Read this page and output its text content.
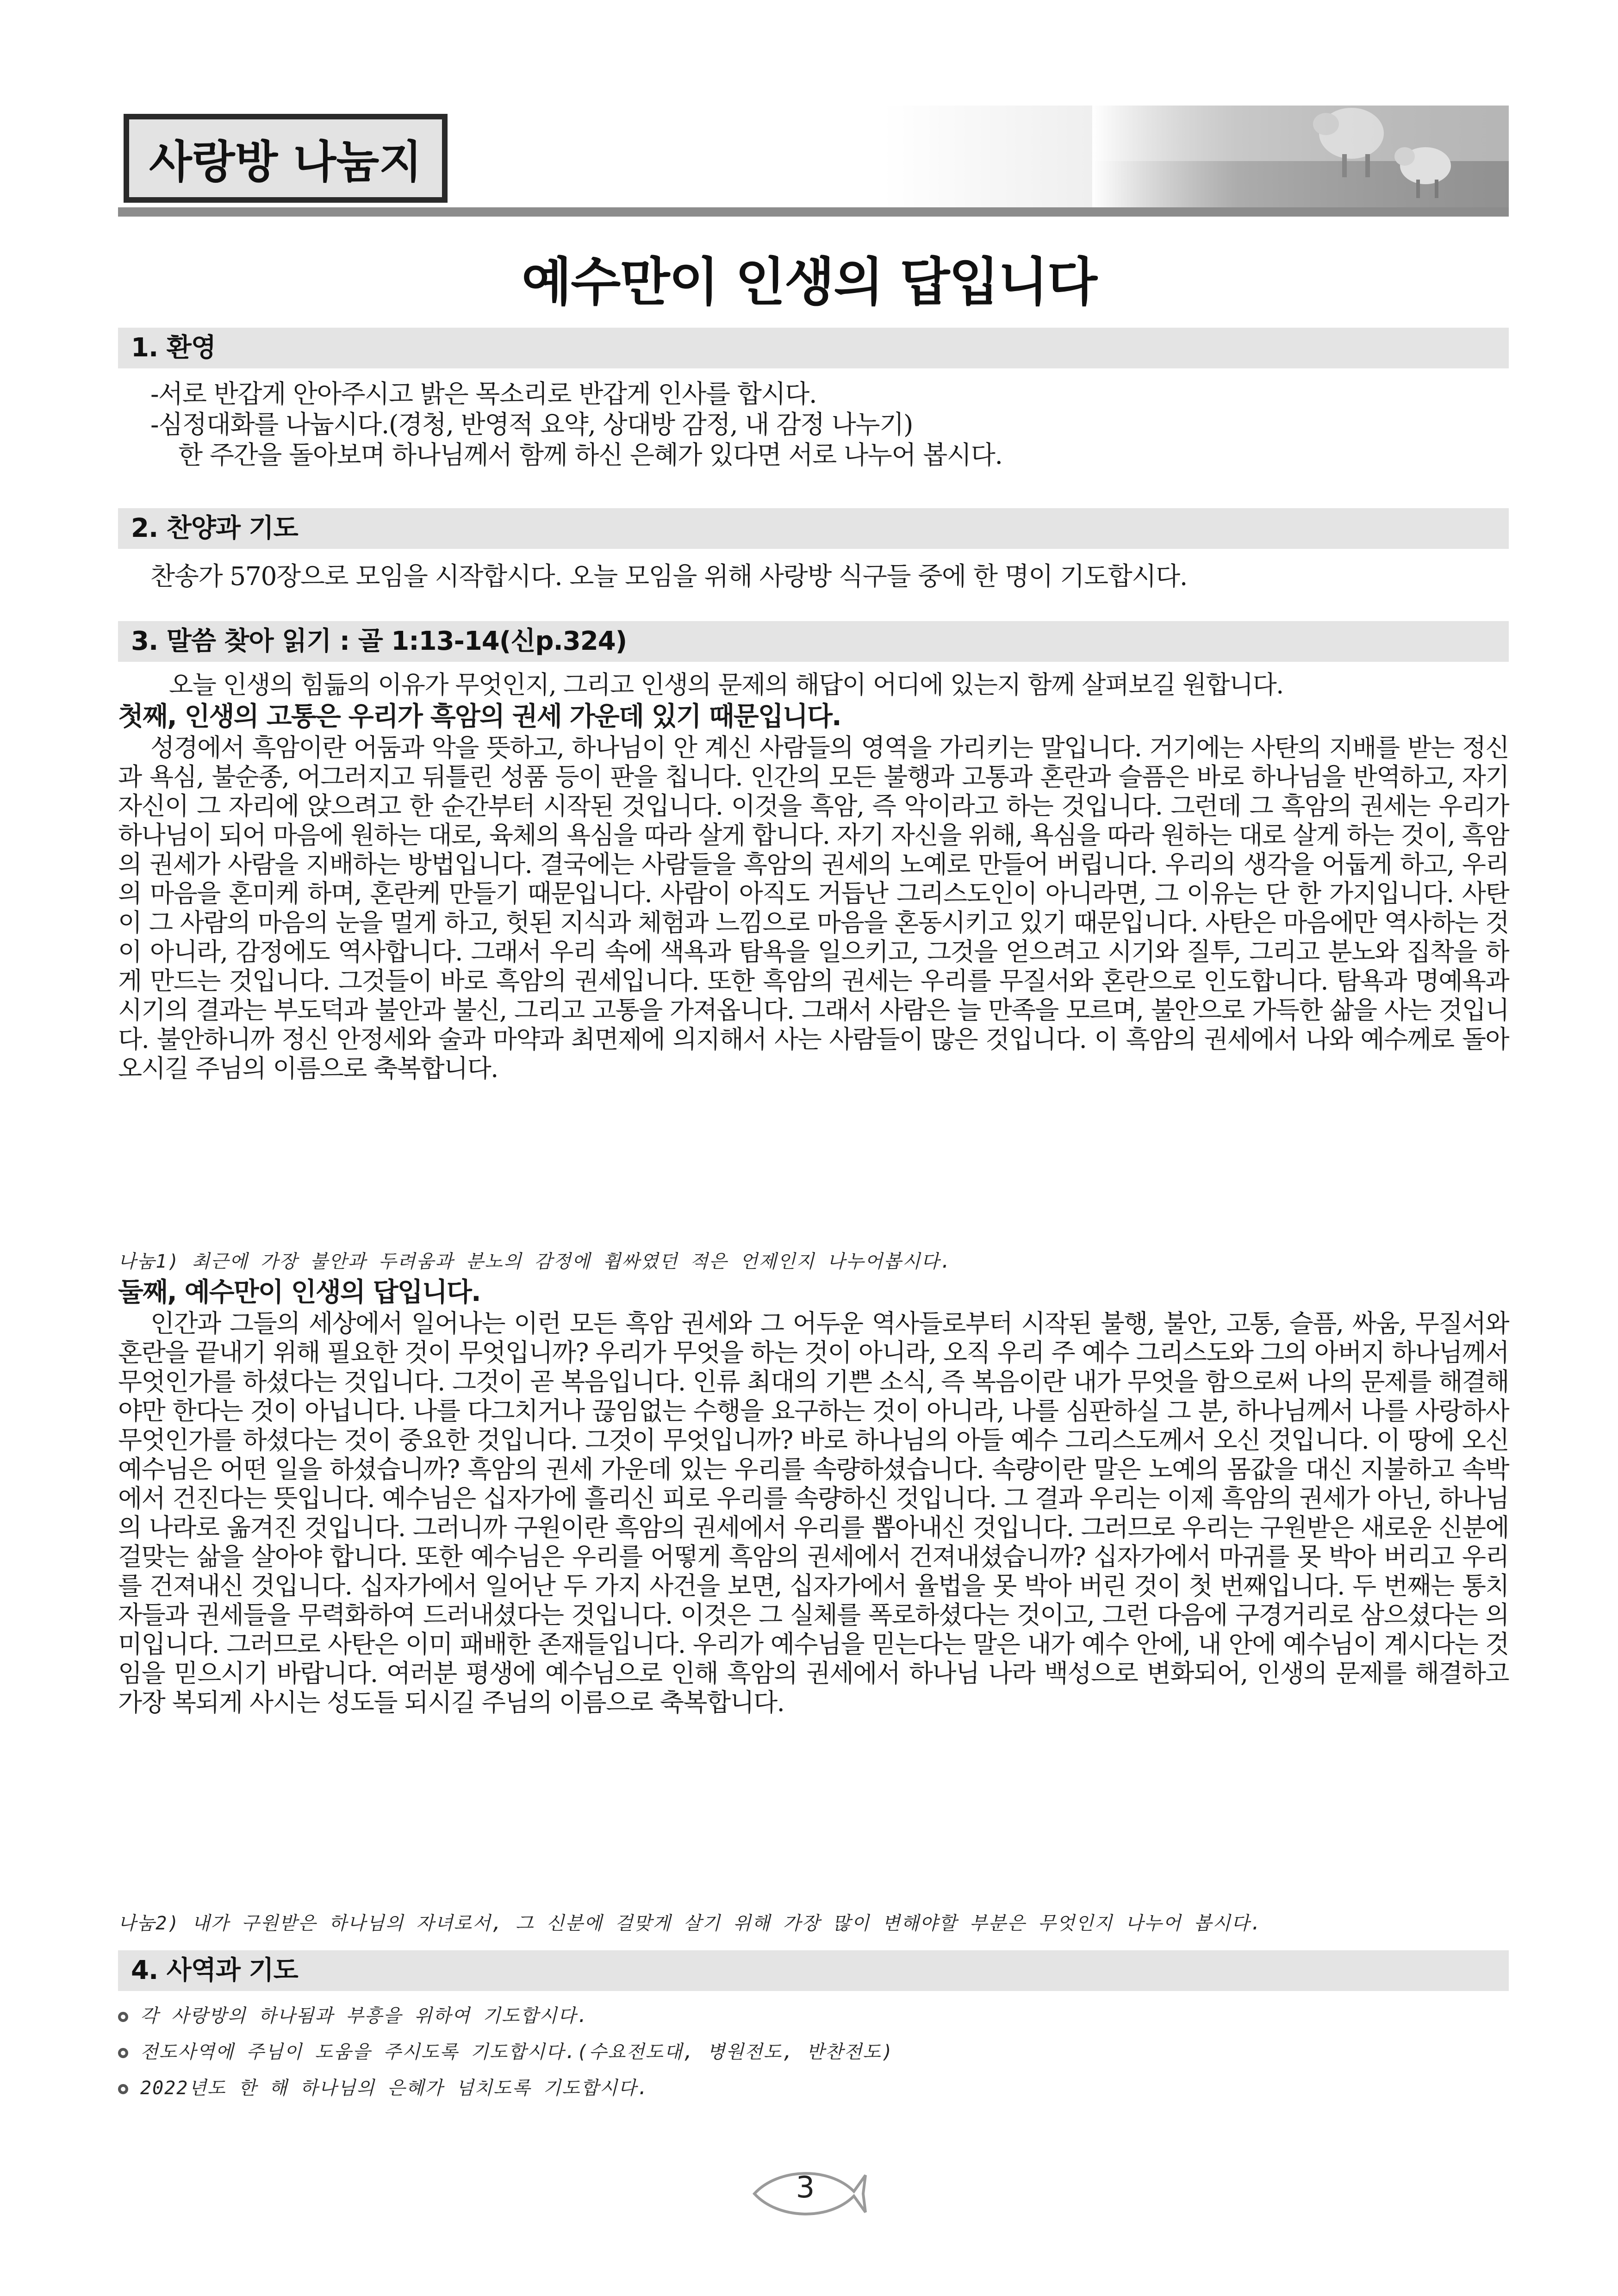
사랑방 나눔지
예수만이 인생의 답입니다
1. 환영
-서로 반갑게 안아주시고 밝은 목소리로 반갑게 인사를 합시다.
-심정대화를 나눕시다.(경청, 반영적 요약, 상대방 감정, 내 감정 나누기)
한 주간을 돌아보며 하나님께서 함께 하신 은혜가 있다면 서로 나누어 봅시다.
2. 찬양과 기도
찬송가 570장으로 모임을 시작합시다. 오늘 모임을 위해 사랑방 식구들 중에 한 명이 기도합시다.
3. 말씀 찾아 읽기 : 골 1:13-14(신p.324)

오늘 인생의 힘듦의 이유가 무엇인지, 그리고 인생의 문제의 해답이 어디에 있는지 함께 살펴보길 원합니다.

첫째, 인생의 고통은 우리가 흑암의 권세 가운데 있기 때문입니다.

성경에서 흑암이란 어둠과 악을 뜻하고, 하나님이 안 계신 사람들의 영역을 가리키는 말입니다. 거기에는 사탄의 지배를 받는 정신과 욕심, 불순종, 어그러지고 뒤틀린 성품 등이 판을 칩니다. 인간의 모든 불행과 고통과 혼란과 슬픔은 바로 하나님을 반역하고, 자기 자신이 그 자리에 앉으려고 한 순간부터 시작된 것입니다. 이것을 흑암, 즉 악이라고 하는 것입니다. 그런데 그 흑암의 권세는 우리가 하나님이 되어 마음에 원하는 대로, 육체의 욕심을 따라 살게 합니다. 자기 자신을 위해, 욕심을 따라 원하는 대로 살게 하는 것이, 흑암의 권세가 사람을 지배하는 방법입니다. 결국에는 사람들을 흑암의 권세의 노예로 만들어 버립니다. 우리의 생각을 어둡게 하고, 우리의 마음을 혼미케 하며, 혼란케 만들기 때문입니다. 사람이 아직도 거듭난 그리스도인이 아니라면, 그 이유는 단 한 가지입니다. 사탄이 그 사람의 마음의 눈을 멀게 하고, 헛된 지식과 체험과 느낌으로 마음을 혼동시키고 있기 때문입니다. 사탄은 마음에만 역사하는 것이 아니라, 감정에도 역사합니다. 그래서 우리 속에 색욕과 탐욕을 일으키고, 그것을 얻으려고 시기와 질투, 그리고 분노와 집착을 하게 만드는 것입니다. 그것들이 바로 흑암의 권세입니다. 또한 흑암의 권세는 우리를 무질서와 혼란으로 인도합니다. 탐욕과 명예욕과 시기의 결과는 부도덕과 불안과 불신, 그리고 고통을 가져옵니다. 그래서 사람은 늘 만족을 모르며, 불안으로 가득한 삶을 사는 것입니다. 불안하니까 정신 안정세와 술과 마약과 최면제에 의지해서 사는 사람들이 많은 것입니다. 이 흑암의 권세에서 나와 예수께로 돌아오시길 주님의 이름으로 축복합니다.

나눔1) 최근에 가장 불안과 두려움과 분노의 감정에 휩싸였던 적은 언제인지 나누어봅시다.

둘째, 예수만이 인생의 답입니다.

인간과 그들의 세상에서 일어나는 이런 모든 흑암 권세와 그 어두운 역사들로부터 시작된 불행, 불안, 고통, 슬픔, 싸움, 무질서와 혼란을 끝내기 위해 필요한 것이 무엇입니까? 우리가 무엇을 하는 것이 아니라, 오직 우리 주 예수 그리스도와 그의 아버지 하나님께서 무엇인가를 하셨다는 것입니다. 그것이 곧 복음입니다. 인류 최대의 기쁜 소식, 즉 복음이란 내가 무엇을 함으로써 나의 문제를 해결해야만 한다는 것이 아닙니다. 나를 다그치거나 끊임없는 수행을 요구하는 것이 아니라, 나를 심판하실 그 분, 하나님께서 나를 사랑하사 무엇인가를 하셨다는 것이 중요한 것입니다. 그것이 무엇입니까? 바로 하나님의 아들 예수 그리스도께서 오신 것입니다. 이 땅에 오신 예수님은 어떤 일을 하셨습니까? 흑암의 권세 가운데 있는 우리를 속량하셨습니다. 속량이란 말은 노예의 몸값을 대신 지불하고 속박에서 건진다는 뜻입니다. 예수님은 십자가에 흘리신 피로 우리를 속량하신 것입니다. 그 결과 우리는 이제 흑암의 권세가 아닌, 하나님의 나라로 옮겨진 것입니다. 그러니까 구원이란 흑암의 권세에서 우리를 뽑아내신 것입니다. 그러므로 우리는 구원받은 새로운 신분에 걸맞는 삶을 살아야 합니다. 또한 예수님은 우리를 어떻게 흑암의 권세에서 건져내셨습니까? 십자가에서 마귀를 못 박아 버리고 우리를 건져내신 것입니다. 십자가에서 일어난 두 가지 사건을 보면, 십자가에서 율법을 못 박아 버린 것이 첫 번째입니다. 두 번째는 통치자들과 권세들을 무력화하여 드러내셨다는 것입니다. 이것은 그 실체를 폭로하셨다는 것이고, 그런 다음에 구경거리로 삼으셨다는 의미입니다. 그러므로 사탄은 이미 패배한 존재들입니다. 우리가 예수님을 믿는다는 말은 내가 예수 안에, 내 안에 예수님이 계시다는 것임을 믿으시기 바랍니다. 여러분 평생에 예수님으로 인해 흑암의 권세에서 하나님 나라 백성으로 변화되어, 인생의 문제를 해결하고 가장 복되게 사시는 성도들 되시길 주님의 이름으로 축복합니다.

나눔2) 내가 구원받은 하나님의 자녀로서, 그 신분에 걸맞게 살기 위해 가장 많이 변해야할 부분은 무엇인지 나누어 봅시다.
4. 사역과 기도
각 사랑방의 하나됨과 부흥을 위하여 기도합시다.
전도사역에 주님이 도움을 주시도록 기도합시다.(수요전도대, 병원전도, 반찬전도)
2022년도 한 해 하나님의 은혜가 넘치도록 기도합시다.
3
